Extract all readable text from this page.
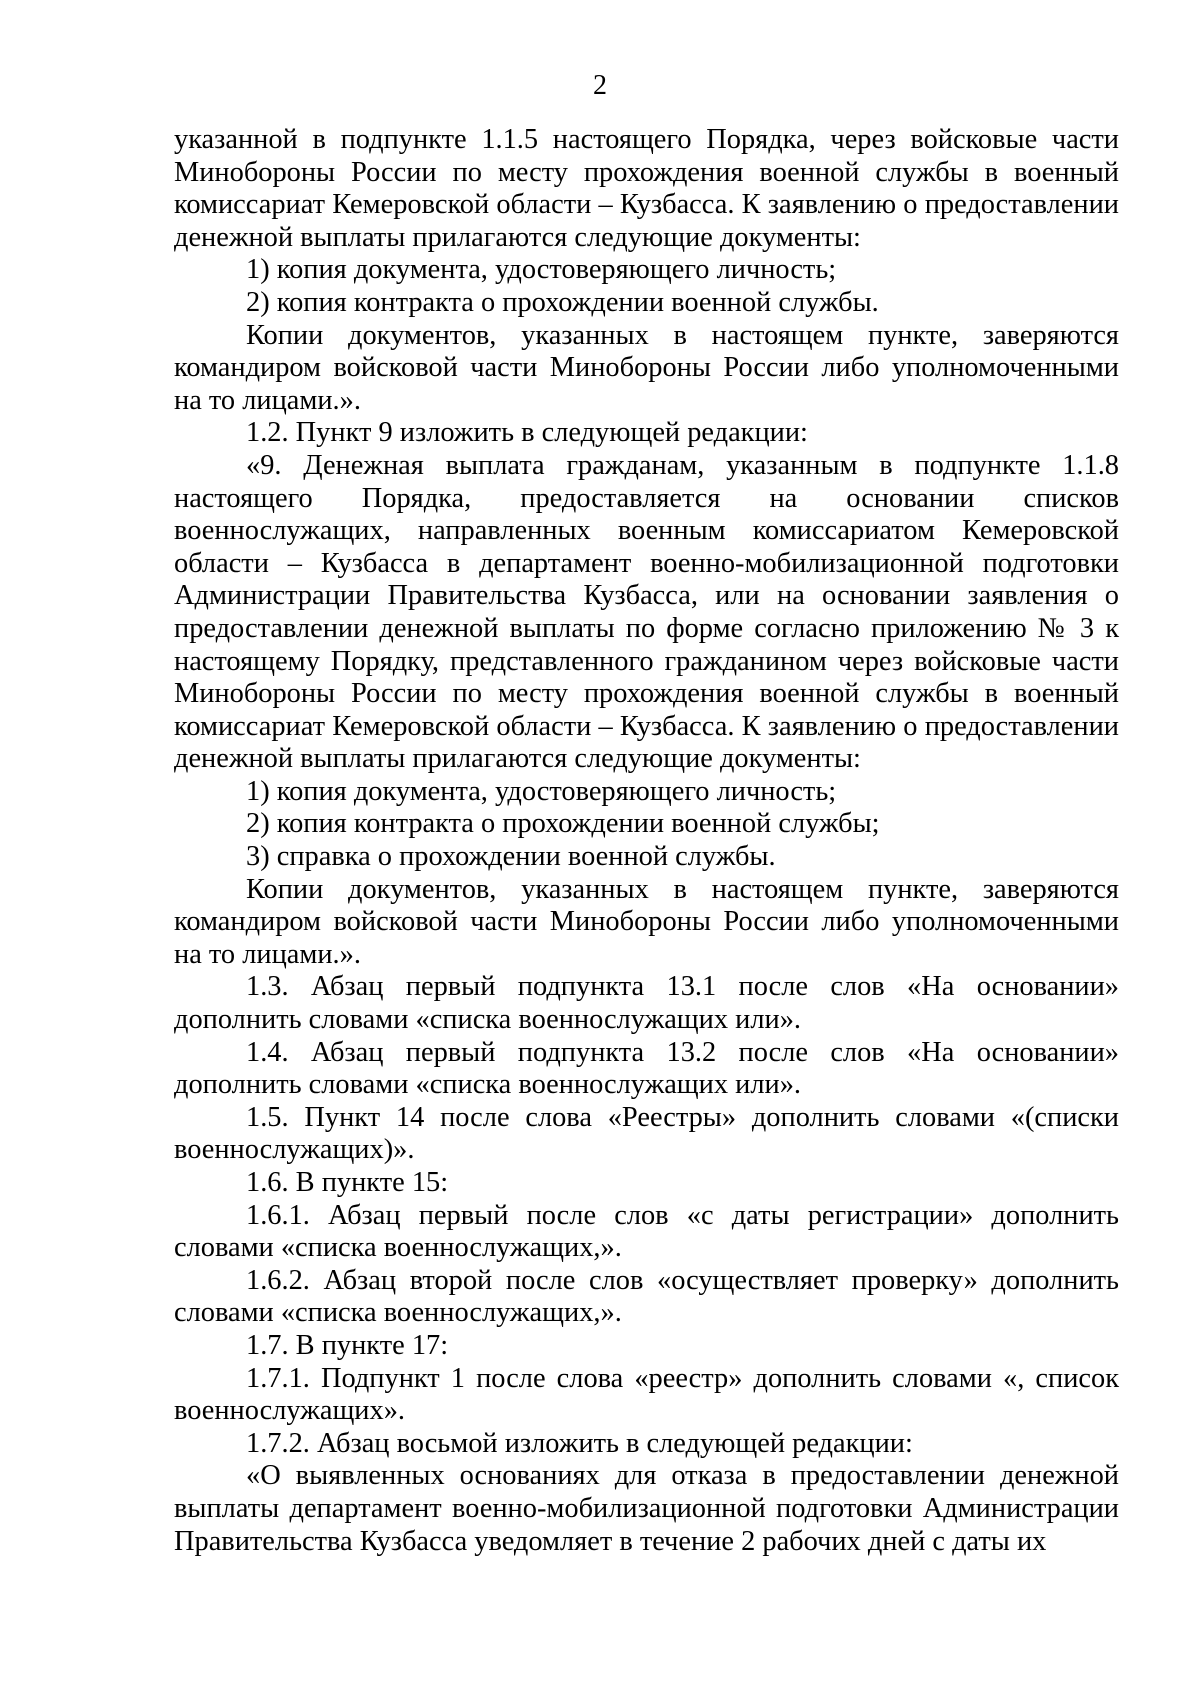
2

указанной в подпункте 1.1.5 настоящего Порядка, через войсковые части Минобороны России по месту прохождения военной службы в военный комиссариат Кемеровской области – Кузбасса. К заявлению о предоставлении денежной выплаты прилагаются следующие документы:

1) копия документа, удостоверяющего личность;

2) копия контракта о прохождении военной службы.

Копии документов, указанных в настоящем пункте, заверяются командиром войсковой части Минобороны России либо уполномоченными на то лицами.».

1.2. Пункт 9 изложить в следующей редакции:

«9. Денежная выплата гражданам, указанным в подпункте 1.1.8 настоящего Порядка, предоставляется на основании списков военнослужащих, направленных военным комиссариатом Кемеровской области – Кузбасса в департамент военно-мобилизационной подготовки Администрации Правительства Кузбасса, или на основании заявления о предоставлении денежной выплаты по форме согласно приложению № 3 к настоящему Порядку, представленного гражданином через войсковые части Минобороны России по месту прохождения военной службы в военный комиссариат Кемеровской области – Кузбасса. К заявлению о предоставлении денежной выплаты прилагаются следующие документы:

1) копия документа, удостоверяющего личность;

2) копия контракта о прохождении военной службы;

3) справка о прохождении военной службы.

Копии документов, указанных в настоящем пункте, заверяются командиром войсковой части Минобороны России либо уполномоченными на то лицами.».

1.3. Абзац первый подпункта 13.1 после слов «На основании» дополнить словами «списка военнослужащих или».

1.4. Абзац первый подпункта 13.2 после слов «На основании» дополнить словами «списка военнослужащих или».

1.5. Пункт 14 после слова «Реестры» дополнить словами «(списки военнослужащих)».

1.6. В пункте 15:

1.6.1. Абзац первый после слов «с даты регистрации» дополнить словами «списка военнослужащих,».

1.6.2. Абзац второй после слов «осуществляет проверку» дополнить словами «списка военнослужащих,».

1.7. В пункте 17:

1.7.1. Подпункт 1 после слова «реестр» дополнить словами «, список военнослужащих».

1.7.2. Абзац восьмой изложить в следующей редакции:

«О выявленных основаниях для отказа в предоставлении денежной выплаты департамент военно-мобилизационной подготовки Администрации Правительства Кузбасса уведомляет в течение 2 рабочих дней с даты их
